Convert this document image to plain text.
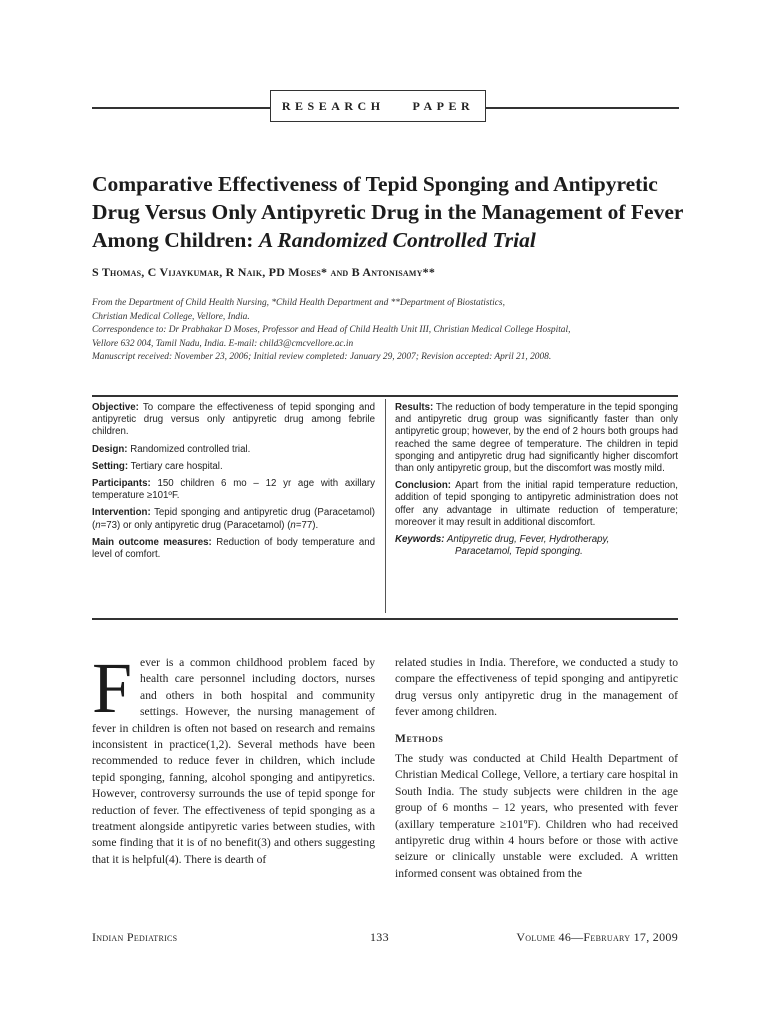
RESEARCH PAPER
Comparative Effectiveness of Tepid Sponging and Antipyretic Drug Versus Only Antipyretic Drug in the Management of Fever Among Children: A Randomized Controlled Trial
S Thomas, C Vijaykumar, R Naik, PD Moses* and B Antonisamy**
From the Department of Child Health Nursing, *Child Health Department and **Department of Biostatistics,
Christian Medical College, Vellore, India.
Correspondence to: Dr Prabhakar D Moses, Professor and Head of Child Health Unit III, Christian Medical College Hospital,
Vellore 632 004, Tamil Nadu, India. E-mail: child3@cmcvellore.ac.in
Manuscript received: November 23, 2006; Initial review completed: January 29, 2007; Revision accepted: April 21, 2008.

Objective: To compare the effectiveness of tepid sponging and antipyretic drug versus only antipyretic drug among febrile children.

Design: Randomized controlled trial.

Setting: Tertiary care hospital.

Participants: 150 children 6 mo – 12 yr age with axillary temperature ≥101ºF.

Intervention: Tepid sponging and antipyretic drug (Paracetamol) (n=73) or only antipyretic drug (Paracetamol) (n=77).

Main outcome measures: Reduction of body temperature and level of comfort.

Results: The reduction of body temperature in the tepid sponging and antipyretic drug group was significantly faster than only antipyretic group; however, by the end of 2 hours both groups had reached the same degree of temperature. The children in tepid sponging and antipyretic drug had significantly higher discomfort than only antipyretic group, but the discomfort was mostly mild.

Conclusion: Apart from the initial rapid temperature reduction, addition of tepid sponging to antipyretic administration does not offer any advantage in ultimate reduction of temperature; moreover it may result in additional discomfort.

Keywords: Antipyretic drug, Fever, Hydrotherapy,

Paracetamol, Tepid sponging.
F ever is a common childhood problem faced by health care personnel including doctors, nurses and others in both hospital and community settings. However, the nursing management of fever in children is often not based on research and remains inconsistent in practice(1,2). Several methods have been recommended to reduce fever in children, which include tepid sponging, fanning, alcohol sponging and antipyretics. However, controversy surrounds the use of tepid sponge for reduction of fever. The effectiveness of tepid sponging as a treatment alongside antipyretic varies between studies, with some finding that it is of no benefit(3) and others suggesting that it is helpful(4). There is dearth of

related studies in India. Therefore, we conducted a study to compare the effectiveness of tepid sponging and antipyretic drug versus only antipyretic drug in the management of fever among children.

Methods

The study was conducted at Child Health Department of Christian Medical College, Vellore, a tertiary care hospital in South India. The study subjects were children in the age group of 6 months – 12 years, who presented with fever (axillary temperature ≥101ºF). Children who had received antipyretic drug within 4 hours before or those with active seizure or clinically unstable were excluded. A written informed consent was obtained from the

Indian Pediatrics	133	Volume 46—February 17, 2009
